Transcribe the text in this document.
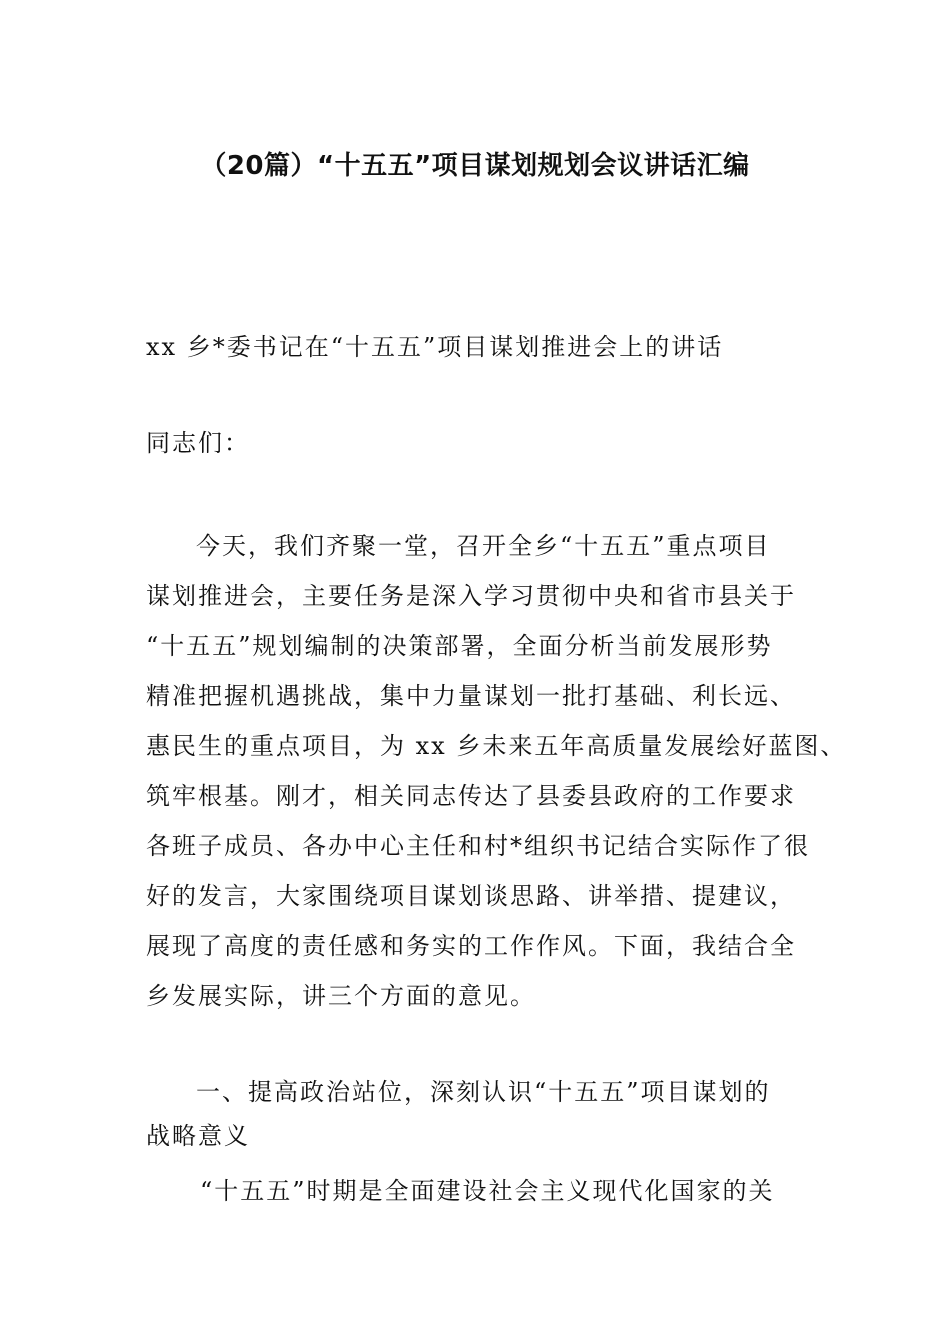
（20篇）“十五五”项目谋划规划会议讲话汇编

xx 乡*委书记在“十五五”项目谋划推进会上的讲话

同志们：

今天，我们齐聚一堂，召开全乡“十五五”重点项目
谋划推进会，主要任务是深入学习贯彻中央和省市县关于
“十五五”规划编制的决策部署，全面分析当前发展形势
精准把握机遇挑战，集中力量谋划一批打基础、利长远、
惠民生的重点项目，为 xx 乡未来五年高质量发展绘好蓝图、
筑牢根基。刚才，相关同志传达了县委县政府的工作要求
各班子成员、各办中心主任和村*组织书记结合实际作了很
好的发言，大家围绕项目谋划谈思路、讲举措、提建议，
展现了高度的责任感和务实的工作作风。下面，我结合全
乡发展实际，讲三个方面的意见。
一、提高政治站位，深刻认识“十五五”项目谋划的
战略意义
“十五五”时期是全面建设社会主义现代化国家的关
